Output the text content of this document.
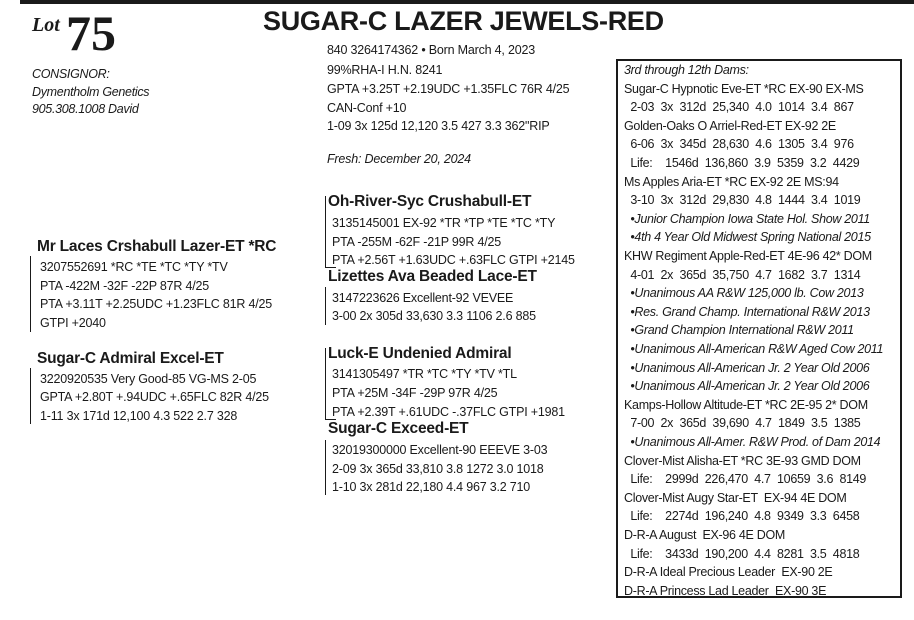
Lot 75	SUGAR-C LAZER JEWELS-RED
CONSIGNOR:
Dymentholm Genetics
905.308.1008 David
840 3264174362 • Born March 4, 2023
99%RHA-I H.N. 8241
GPTA +3.25T +2.19UDC +1.35FLC 76R 4/25
CAN-Conf +10
1-09 3x 125d 12,120 3.5 427 3.3 362"RIP
Fresh: December 20, 2024
Mr Laces Crshabull Lazer-ET *RC
3207552691 *RC *TE *TC *TY *TV
PTA -422M -32F -22P 87R 4/25
PTA +3.11T +2.25UDC +1.23FLC 81R 4/25
GTPI +2040
Sugar-C Admiral Excel-ET
3220920535 Very Good-85 VG-MS 2-05
GPTA +2.80T +.94UDC +.65FLC 82R 4/25
1-11 3x 171d 12,100 4.3 522 2.7 328
Oh-River-Syc Crushabull-ET
3135145001 EX-92 *TR *TP *TE *TC *TY
PTA -255M -62F -21P 99R 4/25
PTA +2.56T +1.63UDC +.63FLC GTPI +2145
Lizettes Ava Beaded Lace-ET
3147223626 Excellent-92 VEVEE
3-00 2x 305d 33,630 3.3 1106 2.6 885
Luck-E Undenied Admiral
3141305497 *TR *TC *TY *TV *TL
PTA +25M -34F -29P 97R 4/25
PTA +2.39T +.61UDC -.37FLC GTPI +1981
Sugar-C Exceed-ET
32019300000 Excellent-90 EEEVE 3-03
2-09 3x 365d 33,810 3.8 1272 3.0 1018
1-10 3x 281d 22,180 4.4 967 3.2 710
3rd through 12th Dams:
Sugar-C Hypnotic Eve-ET *RC EX-90 EX-MS
2-03  3x  312d  25,340  4.0  1014  3.4  867
Golden-Oaks O Arriel-Red-ET EX-92 2E
6-06  3x  345d  28,630  4.6  1305  3.4  976
Life:    1546d  136,860  3.9  5359  3.2  4429
Ms Apples Aria-ET *RC EX-92 2E MS:94
3-10  3x  312d  29,830  4.8  1444  3.4  1019
•Junior Champion Iowa State Hol. Show 2011
•4th 4 Year Old Midwest Spring National 2015
KHW Regiment Apple-Red-ET 4E-96 42* DOM
4-01  2x  365d  35,750  4.7  1682  3.7  1314
•Unanimous AA R&W 125,000 lb. Cow 2013
•Res. Grand Champ. International R&W 2013
•Grand Champion International R&W 2011
•Unanimous All-American R&W Aged Cow 2011
•Unanimous All-American Jr. 2 Year Old 2006
•Unanimous All-American Jr. 2 Year Old 2006
Kamps-Hollow Altitude-ET *RC 2E-95 2* DOM
7-00  2x  365d  39,690  4.7  1849  3.5  1385
•Unanimous All-Amer. R&W Prod. of Dam 2014
Clover-Mist Alisha-ET *RC 3E-93 GMD DOM
Life:    2999d  226,470  4.7  10659  3.6  8149
Clover-Mist Augy Star-ET  EX-94 4E DOM
Life:    2274d  196,240  4.8  9349  3.3  6458
D-R-A August  EX-96 4E DOM
Life:    3433d  190,200  4.4  8281  3.5  4818
D-R-A Ideal Precious Leader  EX-90 2E
D-R-A Princess Lad Leader  EX-90 3E
